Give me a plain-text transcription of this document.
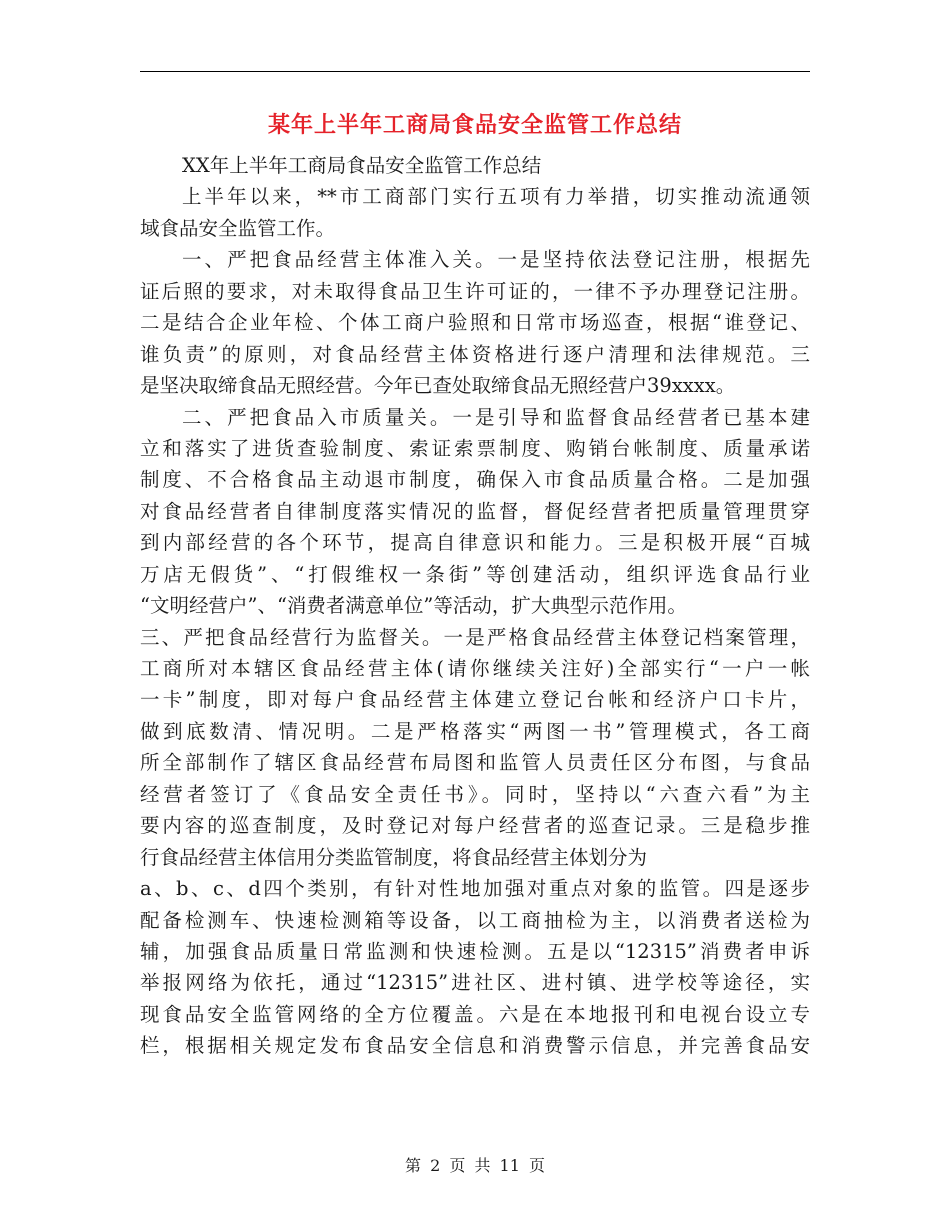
某年上半年工商局食品安全监管工作总结
XX年上半年工商局食品安全监管工作总结
上半年以来，**市工商部门实行五项有力举措，切实推动流通领
域食品安全监管工作。
一、严把食品经营主体准入关。一是坚持依法登记注册，根据先
证后照的要求，对未取得食品卫生许可证的，一律不予办理登记注册。
二是结合企业年检、个体工商户验照和日常市场巡查，根据“谁登记、
谁负责”的原则，对食品经营主体资格进行逐户清理和法律规范。三
是坚决取缔食品无照经营。今年已查处取缔食品无照经营户39xxxx。
二、严把食品入市质量关。一是引导和监督食品经营者已基本建
立和落实了进货查验制度、索证索票制度、购销台帐制度、质量承诺
制度、不合格食品主动退市制度，确保入市食品质量合格。二是加强
对食品经营者自律制度落实情况的监督，督促经营者把质量管理贯穿
到内部经营的各个环节，提高自律意识和能力。三是积极开展“百城
万店无假货”、“打假维权一条街”等创建活动，组织评选食品行业
“文明经营户”、“消费者满意单位”等活动，扩大典型示范作用。
三、严把食品经营行为监督关。一是严格食品经营主体登记档案管理，
工商所对本辖区食品经营主体(请你继续关注好)全部实行“一户一帐
一卡”制度，即对每户食品经营主体建立登记台帐和经济户口卡片，
做到底数清、情况明。二是严格落实“两图一书”管理模式，各工商
所全部制作了辖区食品经营布局图和监管人员责任区分布图，与食品
经营者签订了《食品安全责任书》。同时，坚持以“六查六看”为主
要内容的巡查制度，及时登记对每户经营者的巡查记录。三是稳步推
行食品经营主体信用分类监管制度，将食品经营主体划分为
a、b、c、d四个类别，有针对性地加强对重点对象的监管。四是逐步
配备检测车、快速检测箱等设备，以工商抽检为主，以消费者送检为
辅，加强食品质量日常监测和快速检测。五是以“12315”消费者申诉
举报网络为依托，通过“12315”进社区、进村镇、进学校等途径，实
现食品安全监管网络的全方位覆盖。六是在本地报刊和电视台设立专
栏，根据相关规定发布食品安全信息和消费警示信息，并完善食品安
第 2 页 共 11 页
